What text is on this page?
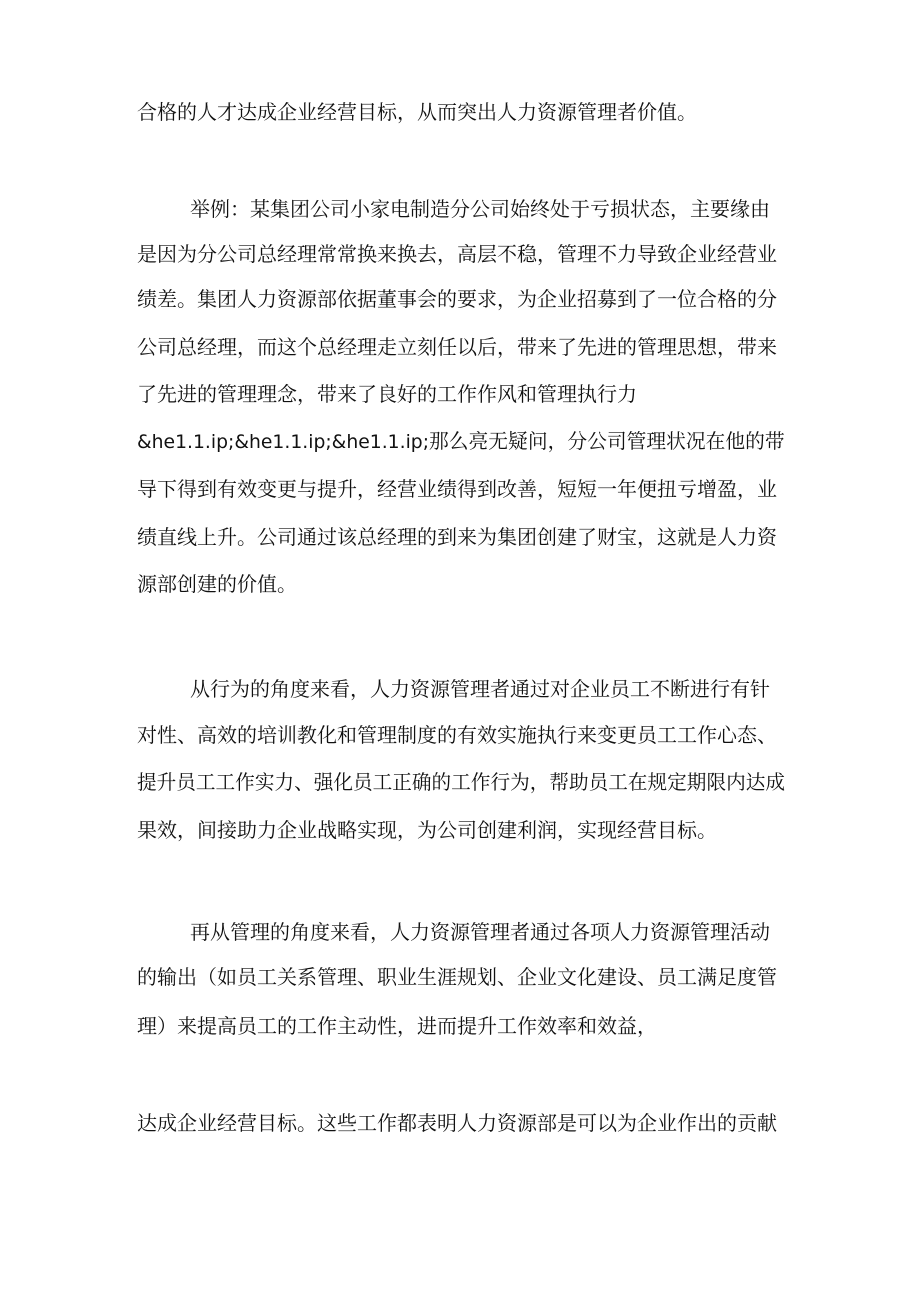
合格的人才达成企业经营目标，从而突出人力资源管理者价值。
举例：某集团公司小家电制造分公司始终处于亏损状态，主要缘由
是因为分公司总经理常常换来换去，高层不稳，管理不力导致企业经营业
绩差。集团人力资源部依据董事会的要求，为企业招募到了一位合格的分
公司总经理，而这个总经理走立刻任以后，带来了先进的管理思想，带来
了先进的管理理念，带来了良好的工作作风和管理执行力
&he1.1.ip;&he1.1.ip;&he1.1.ip;那么亮无疑问，分公司管理状况在他的带
导下得到有效变更与提升，经营业绩得到改善，短短一年便扭亏增盈，业
绩直线上升。公司通过该总经理的到来为集团创建了财宝，这就是人力资
源部创建的价值。
从行为的角度来看，人力资源管理者通过对企业员工不断进行有针
对性、高效的培训教化和管理制度的有效实施执行来变更员工工作心态、
提升员工工作实力、强化员工正确的工作行为，帮助员工在规定期限内达成
果效，间接助力企业战略实现，为公司创建利润，实现经营目标。
再从管理的角度来看，人力资源管理者通过各项人力资源管理活动
的输出（如员工关系管理、职业生涯规划、企业文化建设、员工满足度管
理）来提高员工的工作主动性，进而提升工作效率和效益，
达成企业经营目标。这些工作都表明人力资源部是可以为企业作出的贡献
